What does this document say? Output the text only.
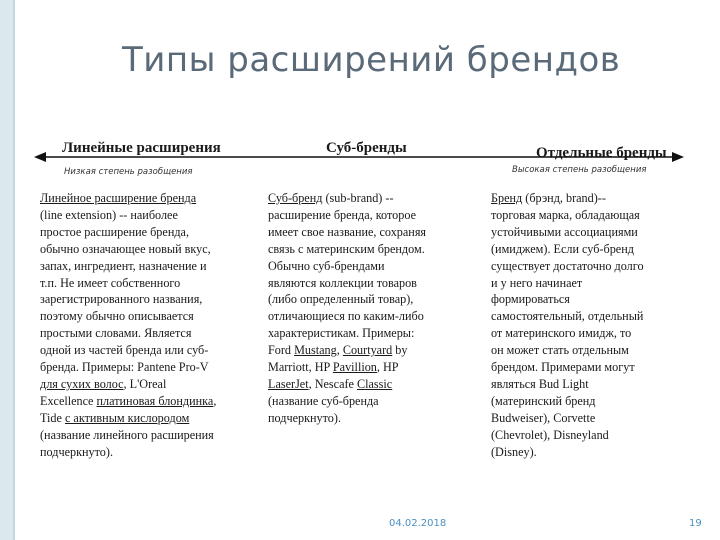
Типы расширений брендов
Линейные расширения	Суб-бренды	Отдельные бренды
Низкая степень разобщения	Высокая степень разобщения
Линейное расширение бренда
(line extension) -- наиболее
простое расширение бренда,
обычно означающее новый вкус,
запах, ингредиент, назначение и
т.п. Не имеет собственного
зарегистрированного названия,
поэтому обычно описывается
простыми словами. Является
одной из частей бренда или суб-
бренда. Примеры: Pantene Pro-V
для сухих волос, L'Oreal
Excellence платиновая блондинка,
Tide с активным кислородом
(название линейного расширения
подчеркнуто).
Суб-бренд (sub-brand) --
расширение бренда, которое
имеет свое название, сохраняя
связь с материнским брендом.
Обычно суб-брендами
являются коллекции товаров
(либо определенный товар),
отличающиеся по каким-либо
характеристикам. Примеры:
Ford Mustang, Courtyard by
Marriott, HP Pavillion, HP
LaserJet, Nescafe Classic
(название суб-бренда
подчеркнуто).
Бренд (брэнд, brand)--
торговая марка, обладающая
устойчивыми ассоциациями
(имиджем). Если суб-бренд
существует достаточно долго
и у него начинает
формироваться
самостоятельный, отдельный
от материнского имидж, то
он может стать отдельным
брендом. Примерами могут
являться Bud Light
(материнский бренд
Budweiser), Corvette
(Chevrolet), Disneyland
(Disney).
04.02.2018	19
